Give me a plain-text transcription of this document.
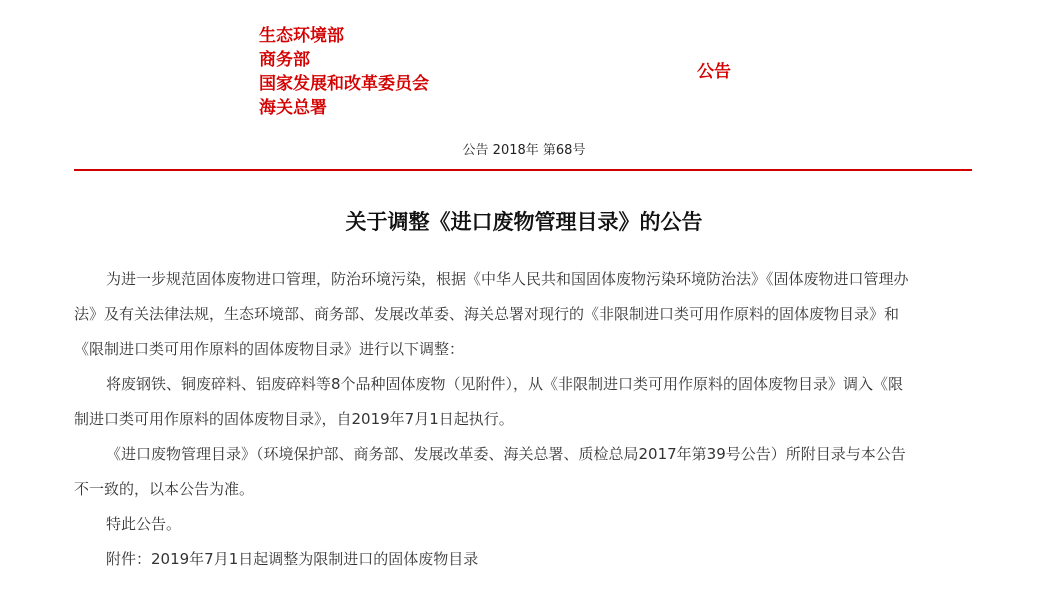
生态环境部
商务部
国家发展和改革委员会
海关总署
公告
公告 2018年 第68号
关于调整《进口废物管理目录》的公告
为进一步规范固体废物进口管理，防治环境污染，根据《中华人民共和国固体废物污染环境防治法》《固体废物进口管理办
法》及有关法律法规，生态环境部、商务部、发展改革委、海关总署对现行的《非限制进口类可用作原料的固体废物目录》和
《限制进口类可用作原料的固体废物目录》进行以下调整：
将废钢铁、铜废碎料、铝废碎料等8个品种固体废物（见附件），从《非限制进口类可用作原料的固体废物目录》调入《限
制进口类可用作原料的固体废物目录》，自2019年7月1日起执行。
《进口废物管理目录》（环境保护部、商务部、发展改革委、海关总署、质检总局2017年第39号公告）所附目录与本公告
不一致的，以本公告为准。
特此公告。
附件：2019年7月1日起调整为限制进口的固体废物目录
